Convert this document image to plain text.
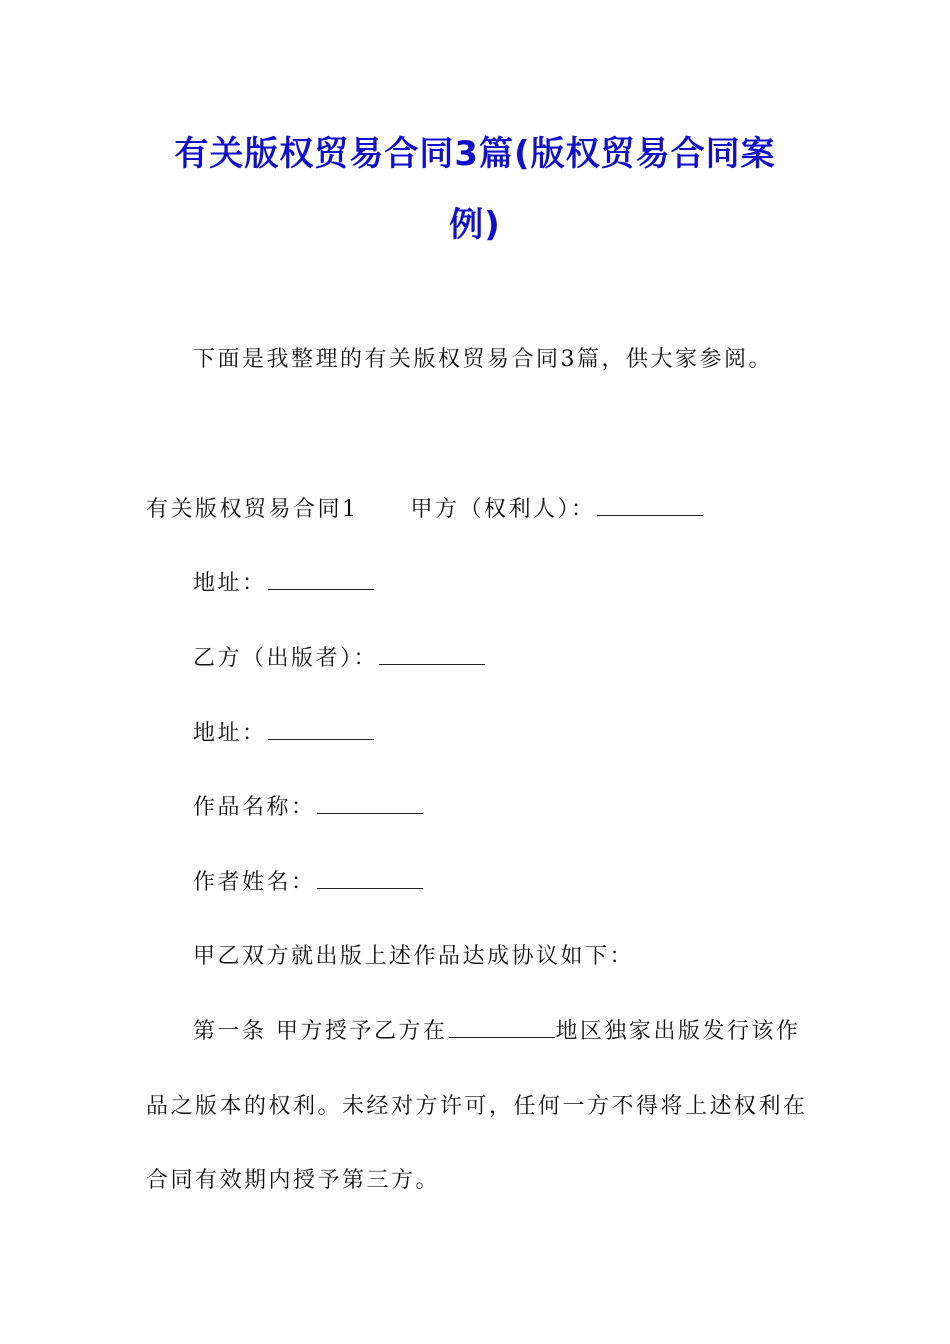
有关版权贸易合同3篇(版权贸易合同案
例)

下面是我整理的有关版权贸易合同3篇，供大家参阅。

有关版权贸易合同1 甲方（权利人）：

地址：

乙方（出版者）：

地址：

作品名称：

作者姓名：

甲乙双方就出版上述作品达成协议如下：

第一条 甲方授予乙方在	地区独家出版发行该作

品之版本的权利。未经对方许可，任何一方不得将上述权利在

合同有效期内授予第三方。
